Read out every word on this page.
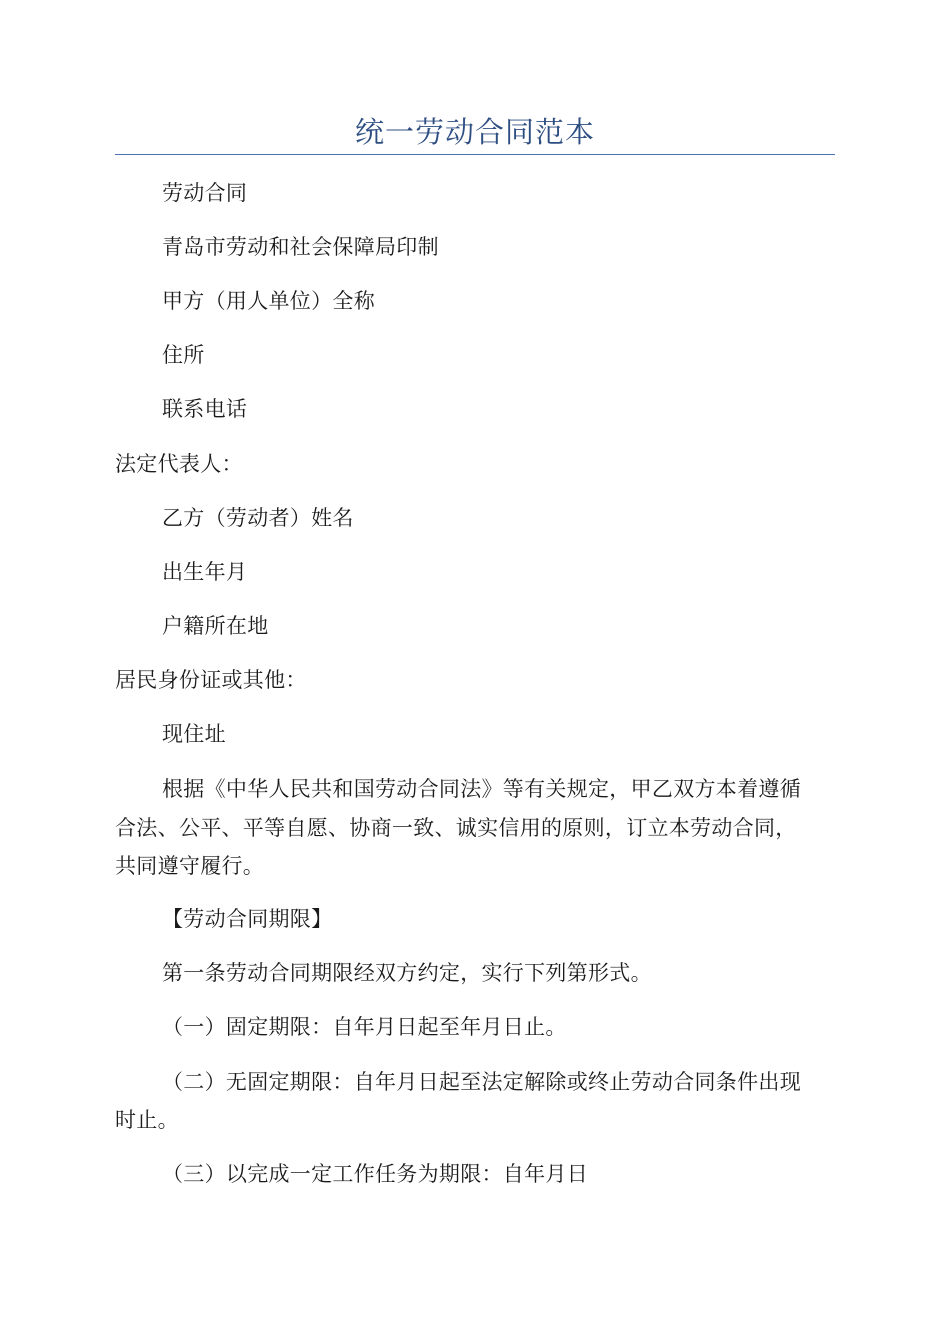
统一劳动合同范本
劳动合同
青岛市劳动和社会保障局印制
甲方（用人单位）全称
住所
联系电话
法定代表人：
乙方（劳动者）姓名
出生年月
户籍所在地
居民身份证或其他：
现住址
根据《中华人民共和国劳动合同法》等有关规定，甲乙双方本着遵循
合法、公平、平等自愿、协商一致、诚实信用的原则，订立本劳动合同，
共同遵守履行。
【劳动合同期限】
第一条劳动合同期限经双方约定，实行下列第形式。
（一）固定期限：自年月日起至年月日止。
（二）无固定期限：自年月日起至法定解除或终止劳动合同条件出现
时止。
（三）以完成一定工作任务为期限：自年月日
